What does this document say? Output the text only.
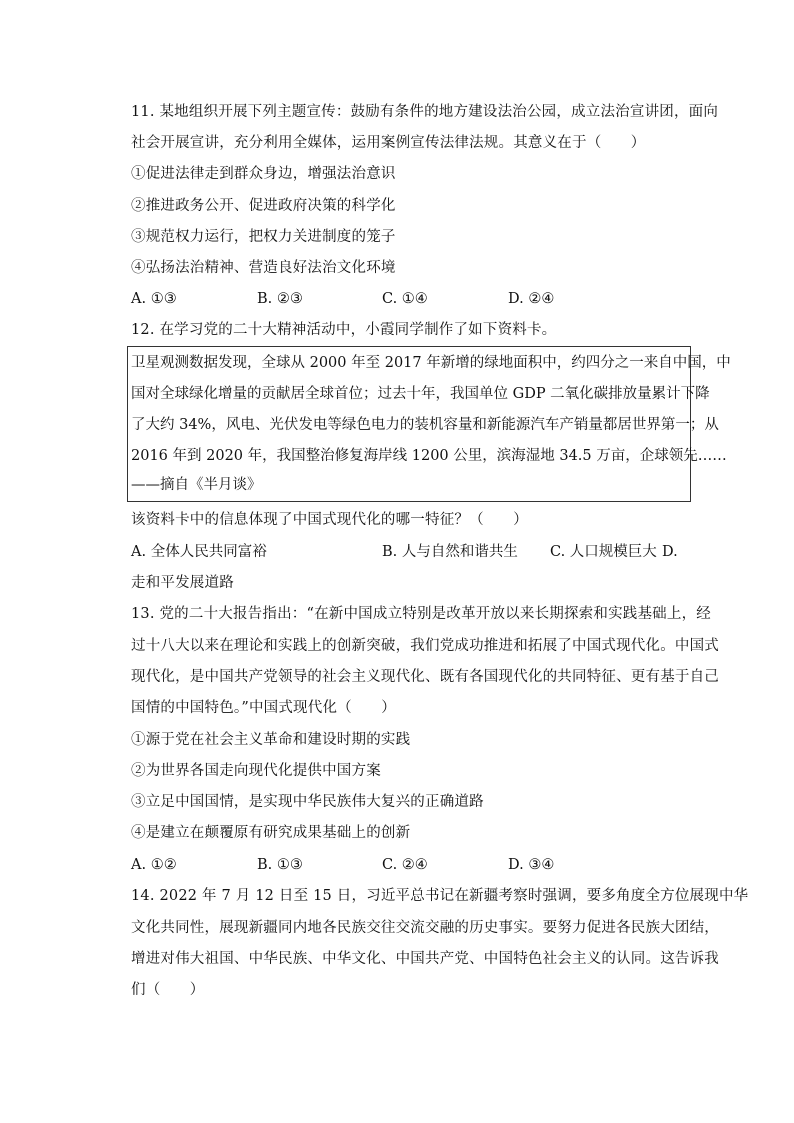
11. 某地组织开展下列主题宣传：鼓励有条件的地方建设法治公园，成立法治宣讲团，面向
社会开展宣讲，充分利用全媒体，运用案例宣传法律法规。其意义在于（　　）
①促进法律走到群众身边，增强法治意识
②推进政务公开、促进政府决策的科学化
③规范权力运行，把权力关进制度的笼子
④弘扬法治精神、营造良好法治文化环境
A. ①③	B. ②③	C. ①④	D. ②④
12. 在学习党的二十大精神活动中，小霞同学制作了如下资料卡。
卫星观测数据发现，全球从 2000 年至 2017 年新增的绿地面积中，约四分之一来自中国，中
国对全球绿化增量的贡献居全球首位；过去十年，我国单位 GDP 二氧化碳排放量累计下降
了大约 34%，风电、光伏发电等绿色电力的装机容量和新能源汽车产销量都居世界第一；从
2016 年到 2020 年，我国整治修复海岸线 1200 公里，滨海湿地 34.5 万亩，企球领先……
——摘自《半月谈》
该资料卡中的信息体现了中国式现代化的哪一特征？（　　）
A. 全体人民共同富裕	B. 人与自然和谐共生 C. 人口规模巨大 D.
走和平发展道路
13. 党的二十大报告指出：“在新中国成立特别是改革开放以来长期探索和实践基础上，经
过十八大以来在理论和实践上的创新突破，我们党成功推进和拓展了中国式现代化。中国式
现代化，是中国共产党领导的社会主义现代化、既有各国现代化的共同特征、更有基于自己
国情的中国特色。”中国式现代化（　　）
①源于党在社会主义革命和建设时期的实践
②为世界各国走向现代化提供中国方案
③立足中国国情，是实现中华民族伟大复兴的正确道路
④是建立在颠覆原有研究成果基础上的创新
A. ①②	B. ①③	C. ②④	D. ③④
14. 2022 年 7 月 12 日至 15 日，习近平总书记在新疆考察时强调，要多角度全方位展现中华
文化共同性，展现新疆同内地各民族交往交流交融的历史事实。要努力促进各民族大团结，
增进对伟大祖国、中华民族、中华文化、中国共产党、中国特色社会主义的认同。这告诉我
们（　　）
